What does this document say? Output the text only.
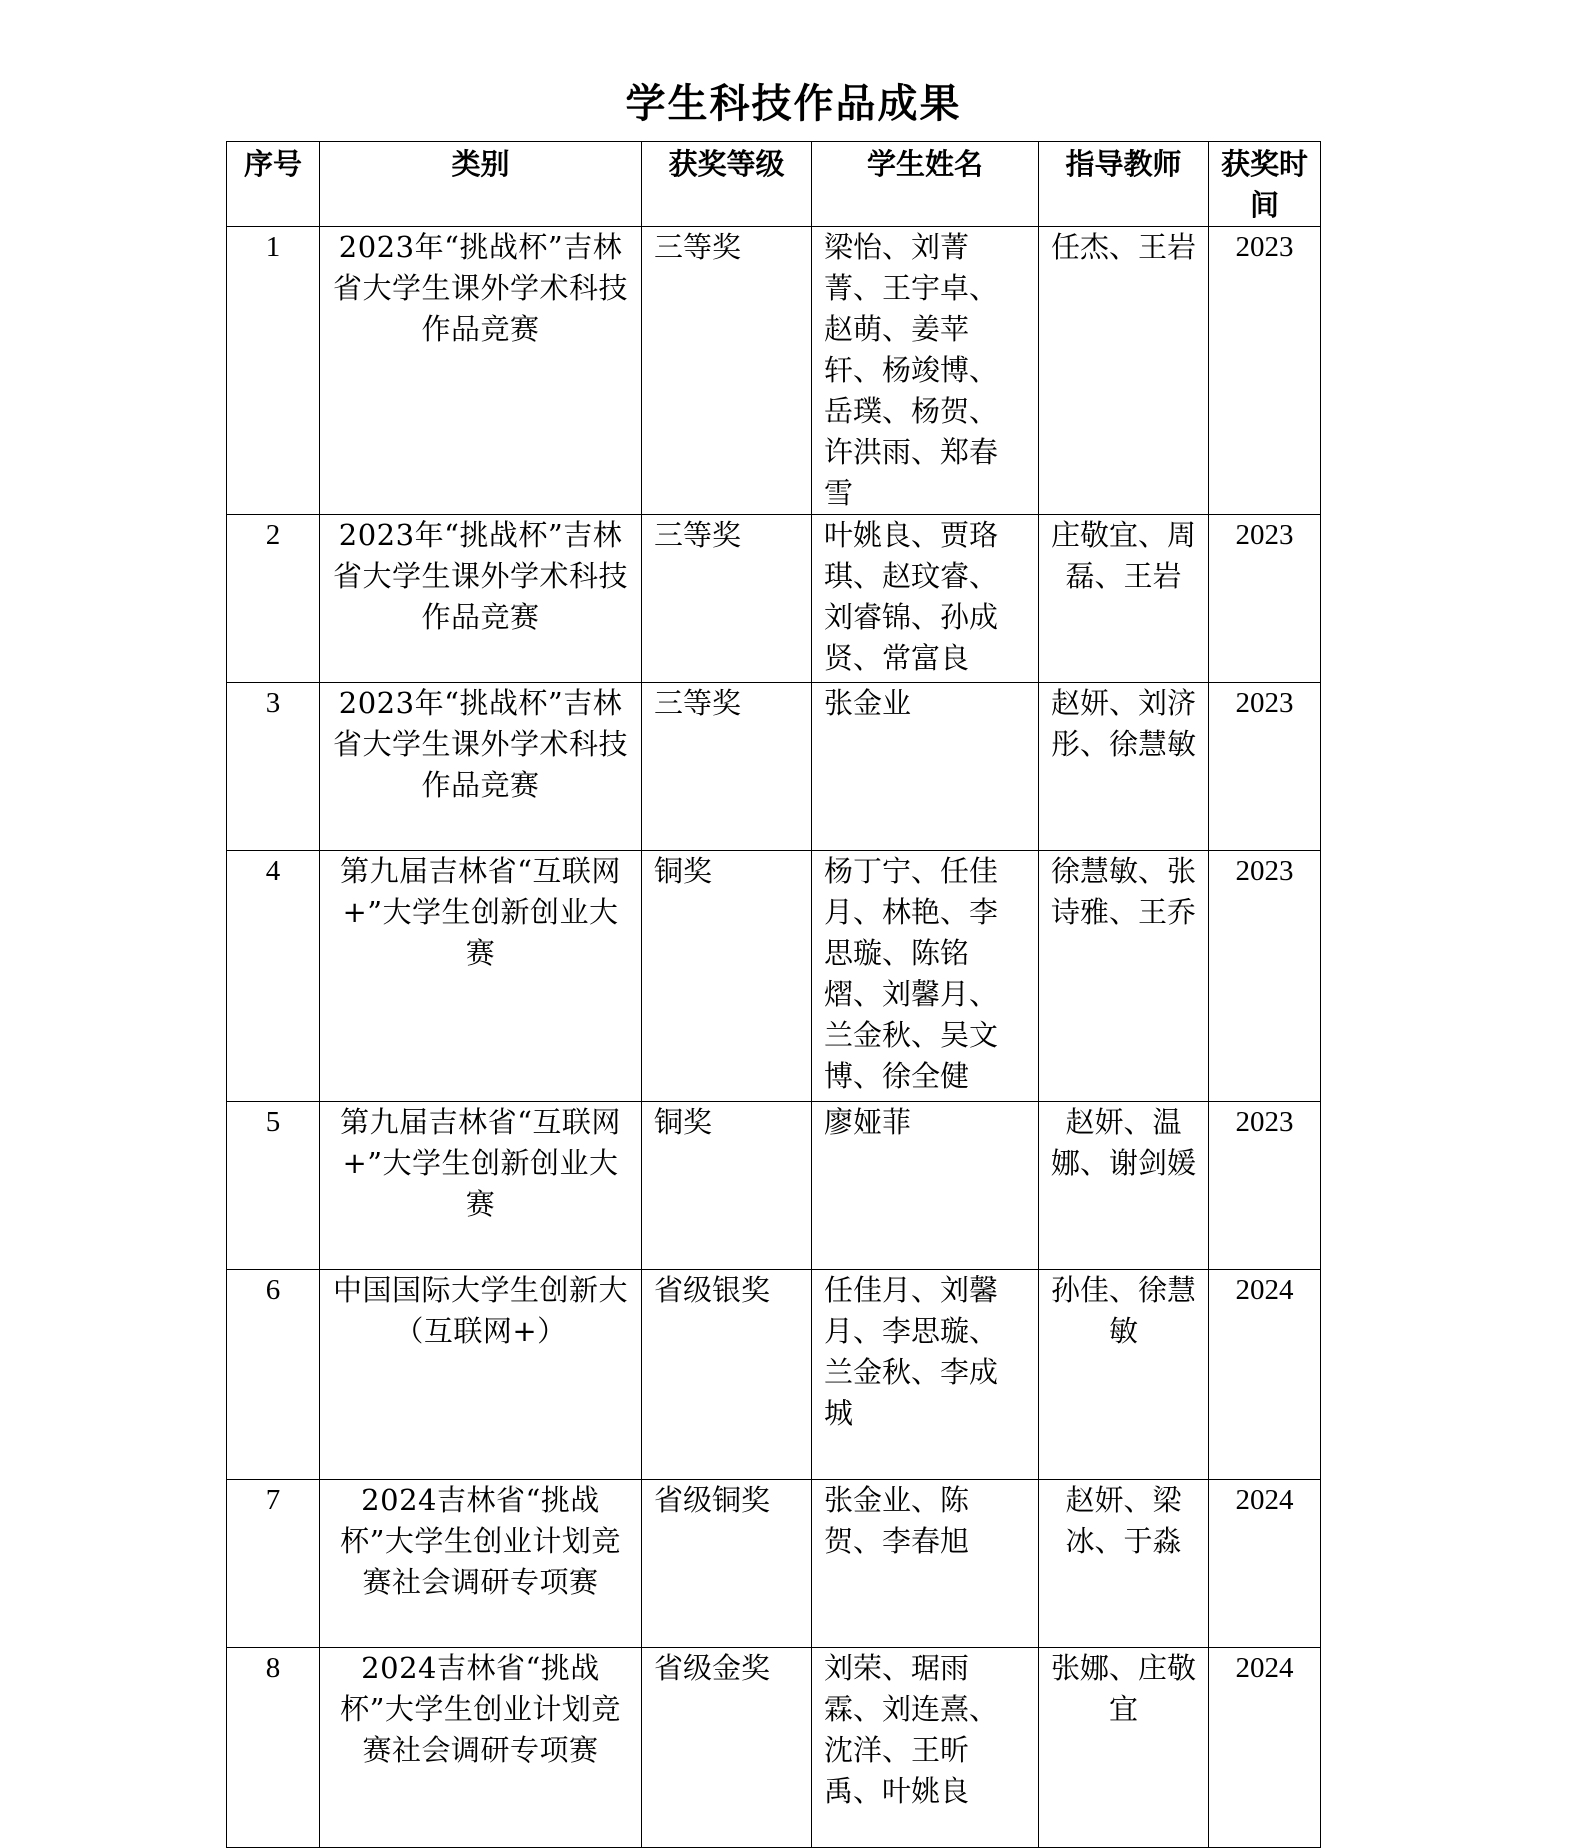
学生科技作品成果
序号	类别	获奖等级	学生姓名	指导教师	获奖时间
1	2023年“挑战杯”吉林省大学生课外学术科技作品竞赛	三等奖	梁怡、刘菁菁、王宇卓、赵萌、姜苹轩、杨竣博、岳璞、杨贺、许洪雨、郑春雪	任杰、王岩	2023
2	2023年“挑战杯”吉林省大学生课外学术科技作品竞赛	三等奖	叶姚良、贾珞琪、赵玟睿、刘睿锦、孙成贤、常富良	庄敬宜、周磊、王岩	2023
3	2023年“挑战杯”吉林省大学生课外学术科技作品竞赛	三等奖	张金业	赵妍、刘济彤、徐慧敏	2023
4	第九届吉林省“互联网+”大学生创新创业大赛	铜奖	杨丁宁、任佳月、林艳、李思璇、陈铭熠、刘馨月、兰金秋、吴文博、徐全健	徐慧敏、张诗雅、王乔	2023
5	第九届吉林省“互联网+”大学生创新创业大赛	铜奖	廖娅菲	赵妍、温娜、谢剑媛	2023
6	中国国际大学生创新大（互联网+）	省级银奖	任佳月、刘馨月、李思璇、兰金秋、李成城	孙佳、徐慧敏	2024
7	2024吉林省“挑战杯”大学生创业计划竞赛社会调研专项赛	省级铜奖	张金业、陈贺、李春旭	赵妍、梁冰、于淼	2024
8	2024吉林省“挑战杯”大学生创业计划竞赛社会调研专项赛	省级金奖	刘荣、琚雨霖、刘连熹、沈洋、王昕禹、叶姚良	张娜、庄敬宜	2024
